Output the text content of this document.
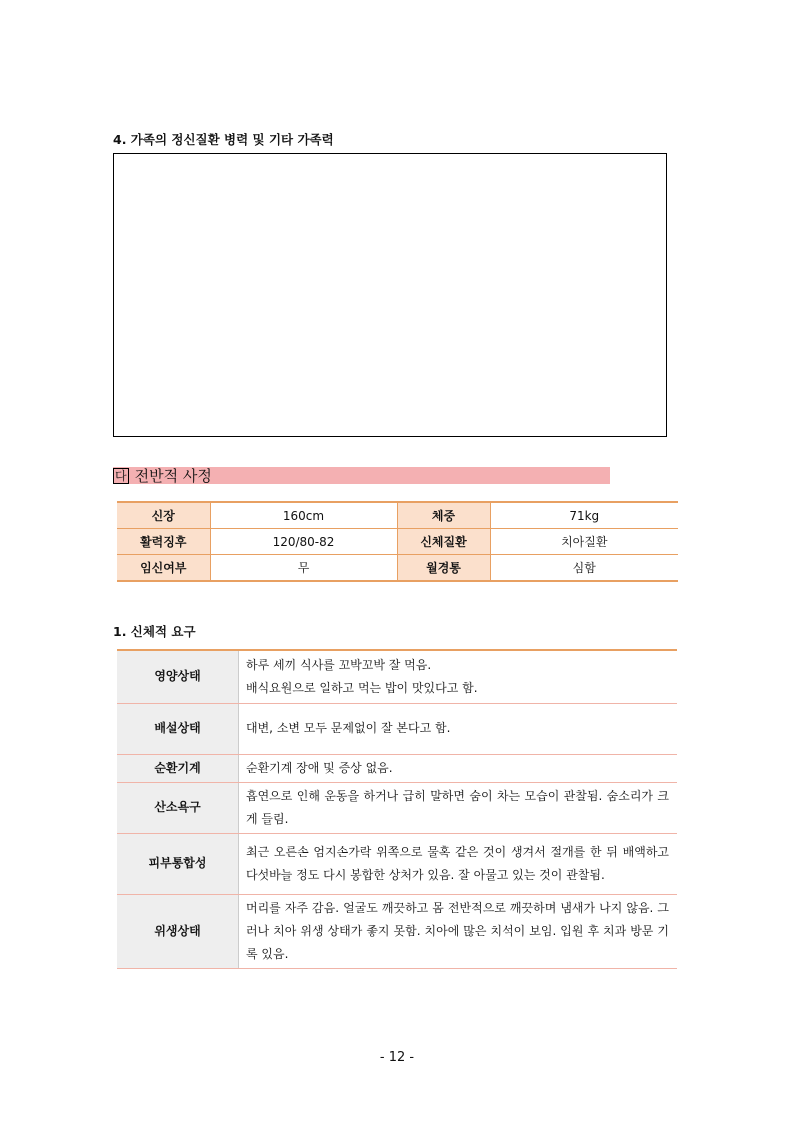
4. 가족의 정신질환 병력 및 기타 가족력
다 전반적 사정
신장	160cm	체중	71kg
활력징후	120/80-82	신체질환	치아질환
임신여부	무	월경통	심함
1. 신체적 요구
영양상태	하루 세끼 식사를 꼬박꼬박 잘 먹음.
배식요원으로 일하고 먹는 밥이 맛있다고 함.

배설상태	대변, 소변 모두 문제없이 잘 본다고 함.

순환기계	순환기계 장애 및 증상 없음.

산소욕구	흡연으로 인해 운동을 하거나 급히 말하면 숨이 차는 모습이 관찰됨. 숨소리가 크게 들림.

피부통합성	최근 오른손 엄지손가락 위쪽으로 물혹 같은 것이 생겨서 절개를 한 뒤 배액하고 다섯바늘 정도 다시 봉합한 상처가 있음. 잘 아물고 있는 것이 관찰됨.

위생상태	머리를 자주 감음. 얼굴도 깨끗하고 몸 전반적으로 깨끗하며 냄새가 나지 않음. 그러나 치아 위생 상태가 좋지 못함. 치아에 많은 치석이 보임. 입원 후 치과 방문 기록 있음.
- 12 -
